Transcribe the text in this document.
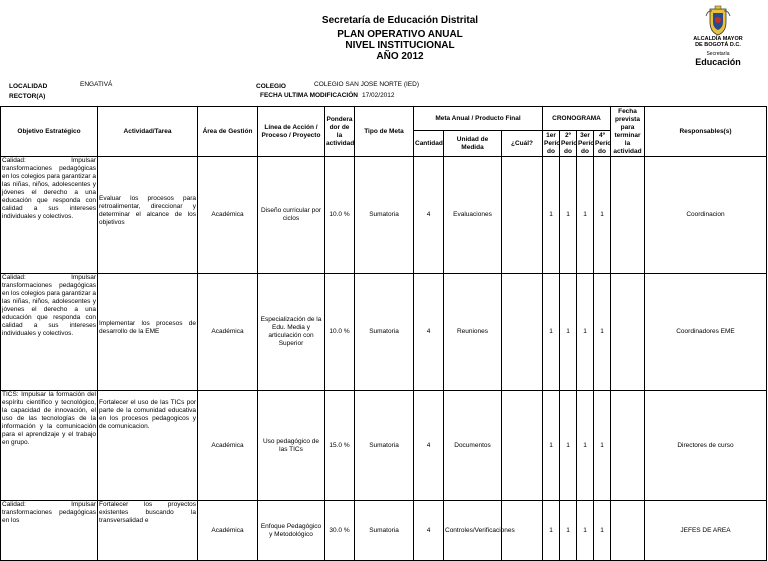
Secretaría de Educación Distrital
PLAN OPERATIVO ANUAL
NIVEL INSTITUCIONAL
AÑO 2012
ALCALDÍA MAYOR
DE BOGOTÁ D.C.
Secretaría
Educación
LOCALIDAD	ENGATIVÁ
RECTOR(A)
COLEGIO	COLEGIO SAN JOSE NORTE (IED)
FECHA ULTIMA MODIFICACIÓN 17/02/2012
Objetivo Estratégico	Actividad/Tarea	Área de Gestión	Línea de Acción / Proceso / Proyecto	Pondera dor de la actividad	Tipo de Meta	Meta Anual / Producto Final			CRONOGRAMA				Fecha prevista para terminar la actividad	Responsables(s)
						Cantidad	Unidad de Medida	¿Cuál?	1er Perío do	2º Perío do	3er Perío do	4º Perío do		
Calidad: Impulsar transformaciones pedagógicas en los colegios para garantizar a las niñas, niños, adolescentes y jóvenes el derecho a una educación que responda con calidad a sus intereses individuales y colectivos.	Evaluar los procesos para retroalimentar, direccionar y determinar el alcance de los objetivos	Académica	Diseño curricular por ciclos	10.0 %	Sumatoria	4	Evaluaciones		1	1	1	1		Coordinacion
Calidad: Impulsar transformaciones pedagógicas en los colegios para garantizar a las niñas, niños, adolescentes y jóvenes el derecho a una educación que responda con calidad a sus intereses individuales y colectivos.	Implementar los procesos de desarrollo de la EME	Académica	Especialización de la Edu. Media y articulación con Superior	10.0 %	Sumatoria	4	Reuniones		1	1	1	1		Coordinadores EME
TICS: Impulsar la formación del espíritu científico y tecnológico, la capacidad de innovación, el uso de las tecnologías de la información y la comunicación para el aprendizaje y el trabajo en grupo.	Fortalecer el uso de las TICs por parte de la comunidad educativa en los procesos pedagogicos y de comunicacion.	Académica	Uso pedagógico de las TICs	15.0 %	Sumatoria	4	Documentos		1	1	1	1		Directores de curso
Calidad: Impulsar transformaciones pedagógicas en los	Fortalecer los proyectos existentes buscando la transversalidad e	Académica	Enfoque Pedagógico y Metodológico	30.0 %	Sumatoria	4	Controles/Verificaciones		1	1	1	1		JEFES DE AREA
